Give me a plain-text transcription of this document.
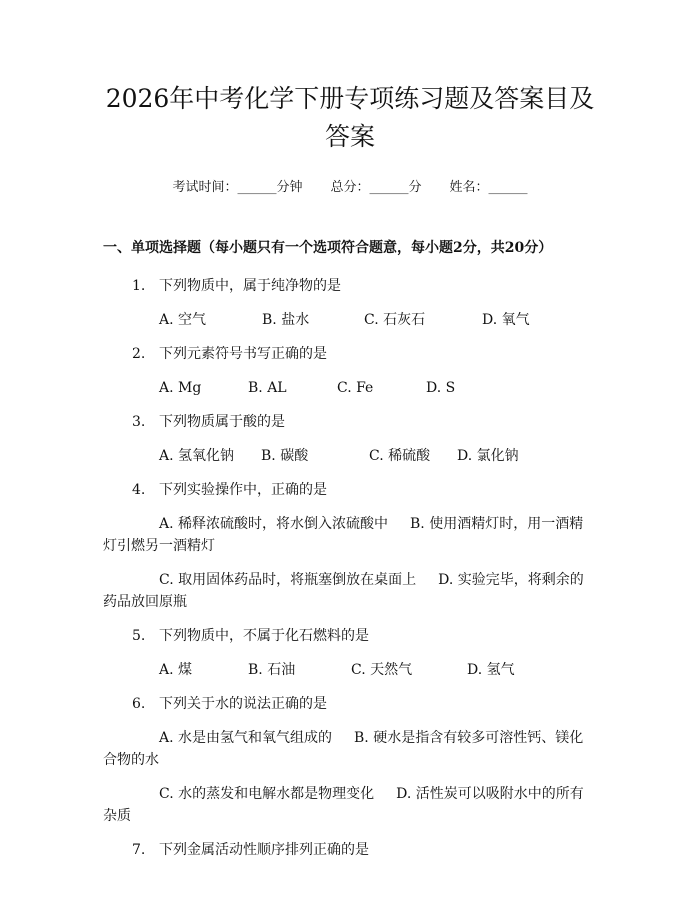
2026年中考化学下册专项练习题及答案目及答案
考试时间：______分钟 总分：______分 姓名：______
一、单项选择题（每小题只有一个选项符合题意，每小题2分，共20分）
1. 下列物质中，属于纯净物的是
A. 空气	B. 盐水	C. 石灰石	D. 氧气
2. 下列元素符号书写正确的是
A. Mg	B. AL	C. Fe	D. S
3. 下列物质属于酸的是
A. 氢氧化钠	B. 碳酸	C. 稀硫酸	D. 氯化钠
4. 下列实验操作中，正确的是
A. 稀释浓硫酸时，将水倒入浓硫酸中 B. 使用酒精灯时，用一酒精灯引燃另一酒精灯
C. 取用固体药品时，将瓶塞倒放在桌面上 D. 实验完毕，将剩余的药品放回原瓶
5. 下列物质中，不属于化石燃料的是
A. 煤	B. 石油	C. 天然气	D. 氢气
6. 下列关于水的说法正确的是
A. 水是由氢气和氧气组成的 B. 硬水是指含有较多可溶性钙、镁化合物的水
C. 水的蒸发和电解水都是物理变化 D. 活性炭可以吸附水中的所有杂质
7. 下列金属活动性顺序排列正确的是
